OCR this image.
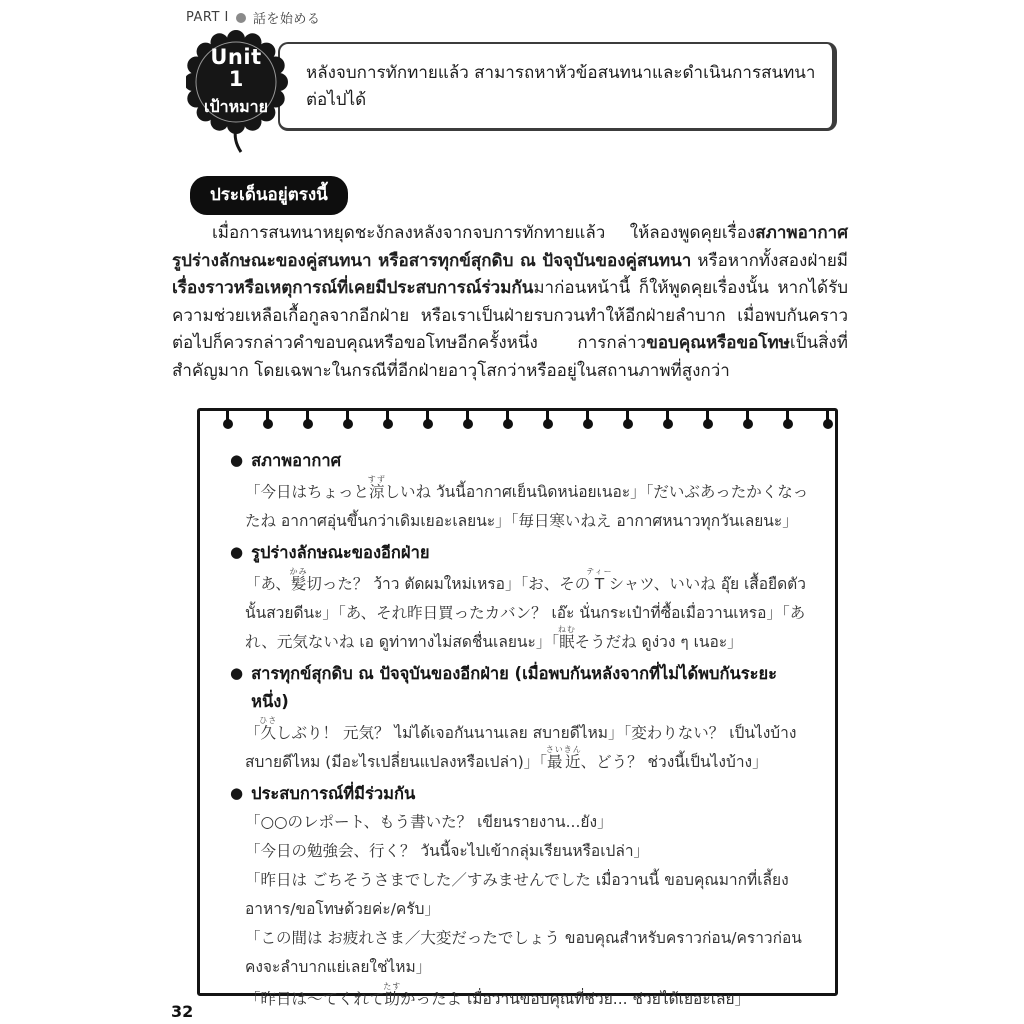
PART I 話を始める
Unit
1
เป้าหมาย
หลังจบการทักทายแล้ว สามารถหาหัวข้อสนทนาและดำเนินการสนทนาต่อไปได้
ประเด็นอยู่ตรงนี้
เมื่อการสนทนาหยุดชะงักลงหลังจากจบการทักทายแล้ว ให้ลองพูดคุยเรื่องสภาพอากาศ รูปร่างลักษณะของคู่สนทนา หรือสารทุกข์สุกดิบ ณ ปัจจุบันของคู่สนทนา หรือหากทั้งสองฝ่ายมีเรื่องราวหรือเหตุการณ์ที่เคยมีประสบการณ์ร่วมกันมาก่อนหน้านี้ ก็ให้พูดคุยเรื่องนั้น หากได้รับความช่วยเหลือเกื้อกูลจากอีกฝ่าย หรือเราเป็นฝ่ายรบกวนทำให้อีกฝ่ายลำบาก เมื่อพบกันคราวต่อไปก็ควรกล่าวคำขอบคุณหรือขอโทษอีกครั้งหนึ่ง การกล่าวขอบคุณหรือขอโทษเป็นสิ่งที่สำคัญมาก โดยเฉพาะในกรณีที่อีกฝ่ายอาวุโสกว่าหรืออยู่ในสถานภาพที่สูงกว่า
● สภาพอากาศ
「今日はちょっと涼すずしいね วันนี้อากาศเย็นนิดหน่อยเนอะ」「だいぶあったかくなったね อากาศอุ่นขึ้นกว่าเดิมเยอะเลยนะ」「毎日寒いねえ อากาศหนาวทุกวันเลยนะ」
● รูปร่างลักษณะของอีกฝ่าย
「あ、髪かみ切った？ ว้าว ตัดผมใหม่เหรอ」「お、そのTティーシャツ、いいね อุ๊ย เสื้อยืดตัวนั้นสวยดีนะ」「あ、それ昨日買ったカバン？ เอ๊ะ นั่นกระเป๋าที่ซื้อเมื่อวานเหรอ」「あれ、元気ないね เอ ดูท่าทางไม่สดชื่นเลยนะ」「眠ねむそうだね ดูง่วง ๆ เนอะ」
● สารทุกข์สุกดิบ ณ ปัจจุบันของอีกฝ่าย (เมื่อพบกันหลังจากที่ไม่ได้พบกันระยะหนึ่ง)
「久ひさしぶり！ 元気？ ไม่ได้เจอกันนานเลย สบายดีไหม」「変わりない？ เป็นไงบ้าง สบายดีไหม (มีอะไรเปลี่ยนแปลงหรือเปล่า)」「最近さいきん、どう？ ช่วงนี้เป็นไงบ้าง」
● ประสบการณ์ที่มีร่วมกัน
「○○のレポート、もう書いた？ เขียนรายงาน...ยัง」
「今日の勉強会、行く？ วันนี้จะไปเข้ากลุ่มเรียนหรือเปล่า」
「昨日は ごちそうさまでした／すみませんでした เมื่อวานนี้ ขอบคุณมากที่เลี้ยงอาหาร/ขอโทษด้วยค่ะ/ครับ」
「この間は お疲れさま／大変だったでしょう ขอบคุณสำหรับคราวก่อน/คราวก่อนคงจะลำบากแย่เลยใช่ไหม」
「昨日は〜てくれて助たすかったよ เมื่อวานขอบคุณที่ช่วย... ช่วยได้เยอะเลย」
32
